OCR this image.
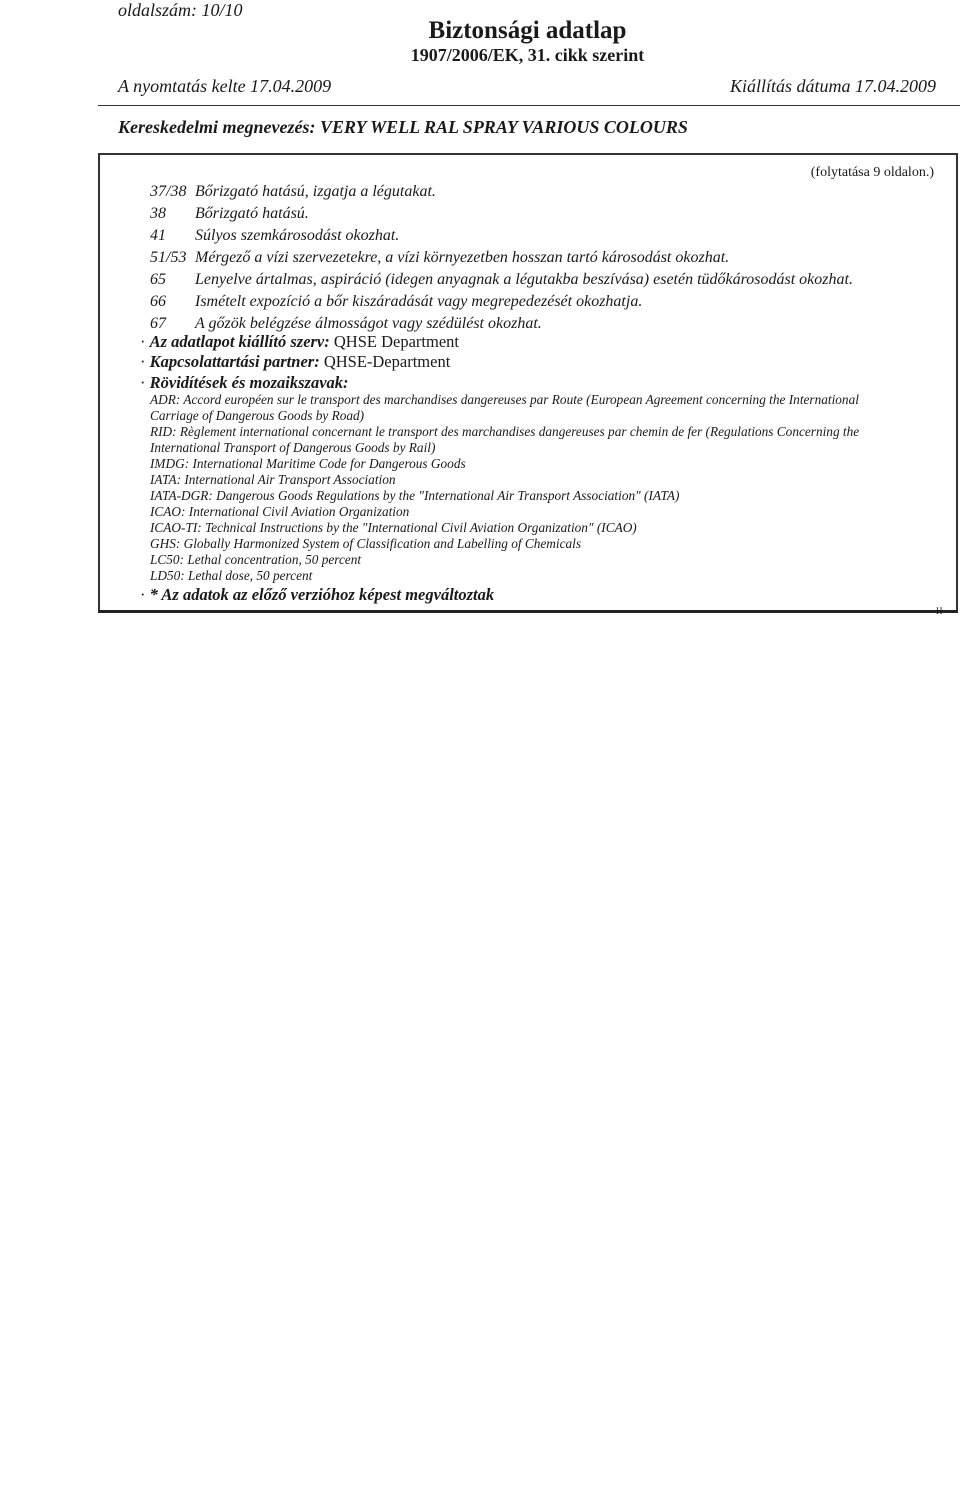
oldalszám: 10/10
Biztonsági adatlap
1907/2006/EK, 31. cikk szerint
A nyomtatás kelte 17.04.2009	Kiállítás dátuma 17.04.2009
Kereskedelmi megnevezés: VERY WELL RAL SPRAY VARIOUS COLOURS
(folytatása 9 oldalon.)
37/38 Bőrizgató hatású, izgatja a légutakat.
38 Bőrizgató hatású.
41 Súlyos szemkárosodást okozhat.
51/53 Mérgező a vízi szervezetekre, a vízi környezetben hosszan tartó károsodást okozhat.
65 Lenyelve ártalmas, aspiráció (idegen anyagnak a légutakba beszívása) esetén tüdőkárosodást okozhat.
66 Ismételt expozíció a bőr kiszáradását vagy megrepedezését okozhatja.
67 A gőzök belégzése álmosságot vagy szédülést okozhat.
· Az adatlapot kiállító szerv: QHSE Department
· Kapcsolattartási partner: QHSE-Department
· Rövidítések és mozaikszavak:
ADR: Accord européen sur le transport des marchandises dangereuses par Route (European Agreement concerning the International
Carriage of Dangerous Goods by Road)
RID: Règlement international concernant le transport des marchandises dangereuses par chemin de fer (Regulations Concerning the
International Transport of Dangerous Goods by Rail)
IMDG: International Maritime Code for Dangerous Goods
IATA: International Air Transport Association
IATA-DGR: Dangerous Goods Regulations by the "International Air Transport Association" (IATA)
ICAO: International Civil Aviation Organization
ICAO-TI: Technical Instructions by the "International Civil Aviation Organization" (ICAO)
GHS: Globally Harmonized System of Classification and Labelling of Chemicals
LC50: Lethal concentration, 50 percent
LD50: Lethal dose, 50 percent
· * Az adatok az előző verzióhoz képest megváltoztak
H
